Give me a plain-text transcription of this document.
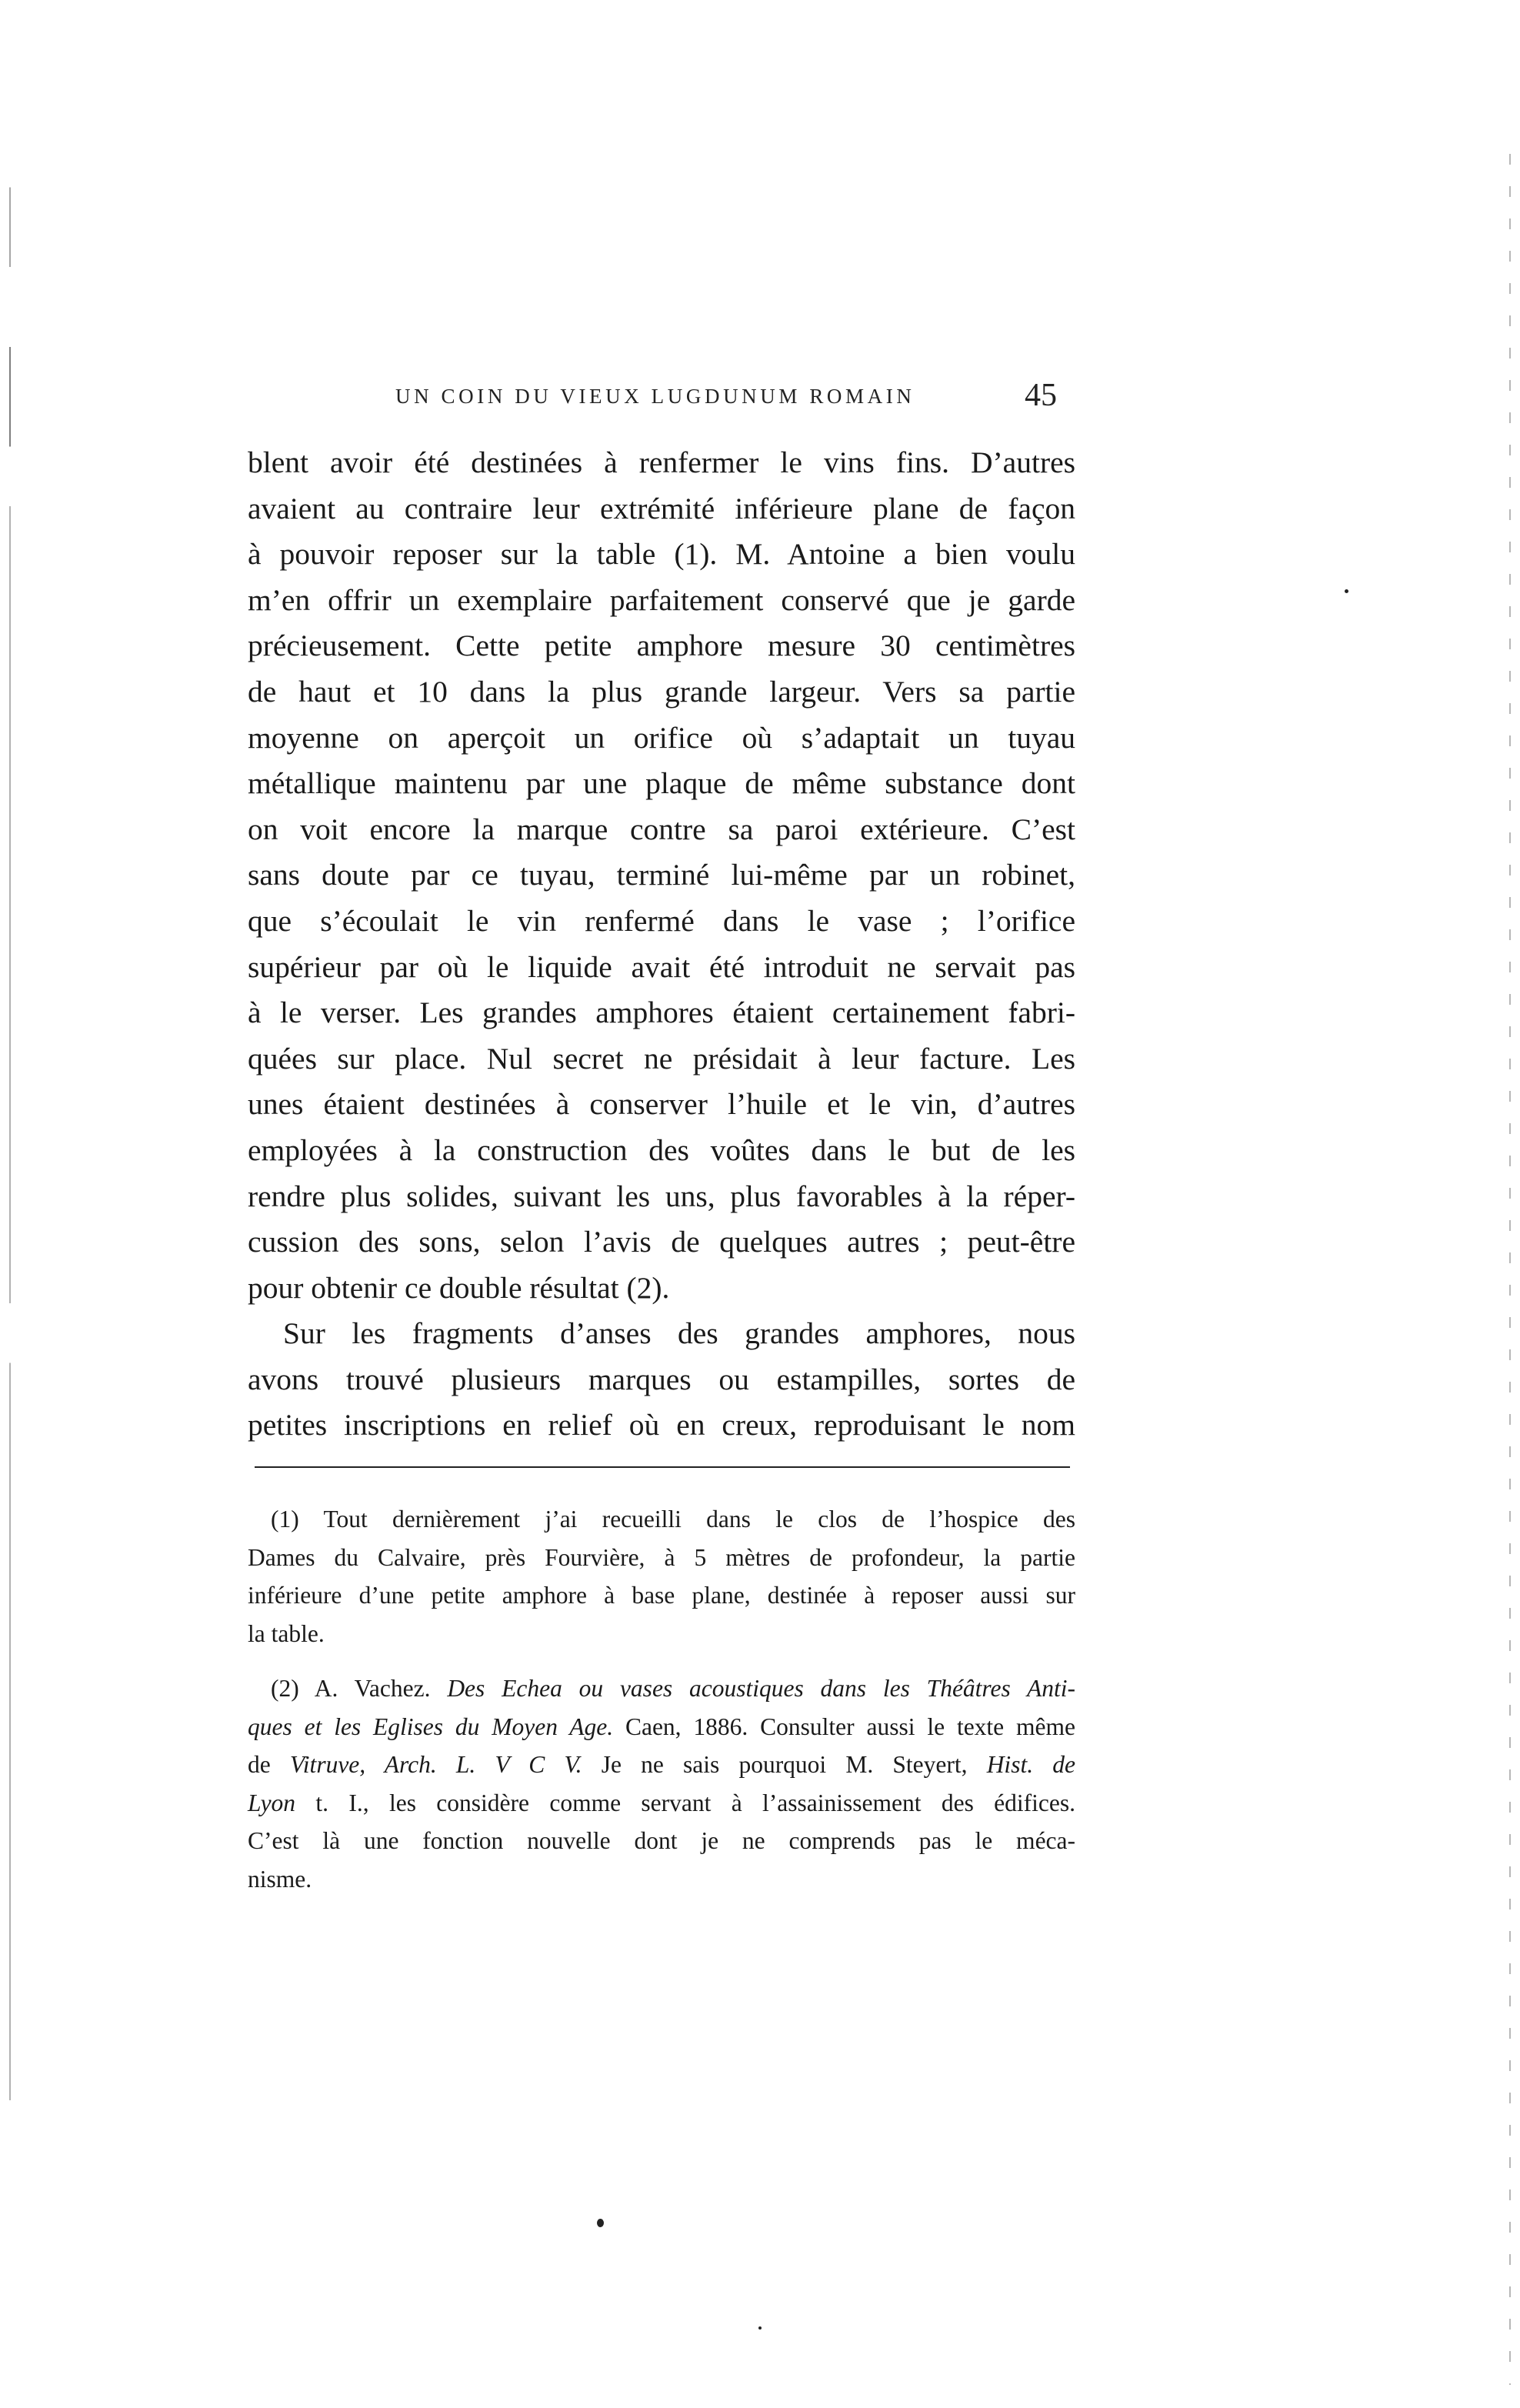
UN COIN DU VIEUX LUGDUNUM ROMAIN	45
blent avoir été destinées à renfermer le vins fins. D’autres
avaient au contraire leur extrémité inférieure plane de façon
à pouvoir reposer sur la table (1). M. Antoine a bien voulu
m’en offrir un exemplaire parfaitement conservé que je garde
précieusement. Cette petite amphore mesure 30 centimètres
de haut et 10 dans la plus grande largeur. Vers sa partie
moyenne on aperçoit un orifice où s’adaptait un tuyau
métallique maintenu par une plaque de même substance dont
on voit encore la marque contre sa paroi extérieure. C’est
sans doute par ce tuyau, terminé lui-même par un robinet,
que s’écoulait le vin renfermé dans le vase ; l’orifice
supérieur par où le liquide avait été introduit ne servait pas
à le verser. Les grandes amphores étaient certainement fabri-
quées sur place. Nul secret ne présidait à leur facture. Les
unes étaient destinées à conserver l’huile et le vin, d’autres
employées à la construction des voûtes dans le but de les
rendre plus solides, suivant les uns, plus favorables à la réper-
cussion des sons, selon l’avis de quelques autres ; peut-être
pour obtenir ce double résultat (2).
Sur les fragments d’anses des grandes amphores, nous
avons trouvé plusieurs marques ou estampilles, sortes de
petites inscriptions en relief où en creux, reproduisant le nom
(1) Tout dernièrement j’ai recueilli dans le clos de l’hospice des
Dames du Calvaire, près Fourvière, à 5 mètres de profondeur, la partie
inférieure d’une petite amphore à base plane, destinée à reposer aussi sur
la table.
(2) A. Vachez. Des Echea ou vases acoustiques dans les Théâtres Anti-
ques et les Eglises du Moyen Age. Caen, 1886. Consulter aussi le texte même
de Vitruve, Arch. L. V C V. Je ne sais pourquoi M. Steyert, Hist. de
Lyon t. I., les considère comme servant à l’assainissement des édifices.
C’est là une fonction nouvelle dont je ne comprends pas le méca-
nisme.
